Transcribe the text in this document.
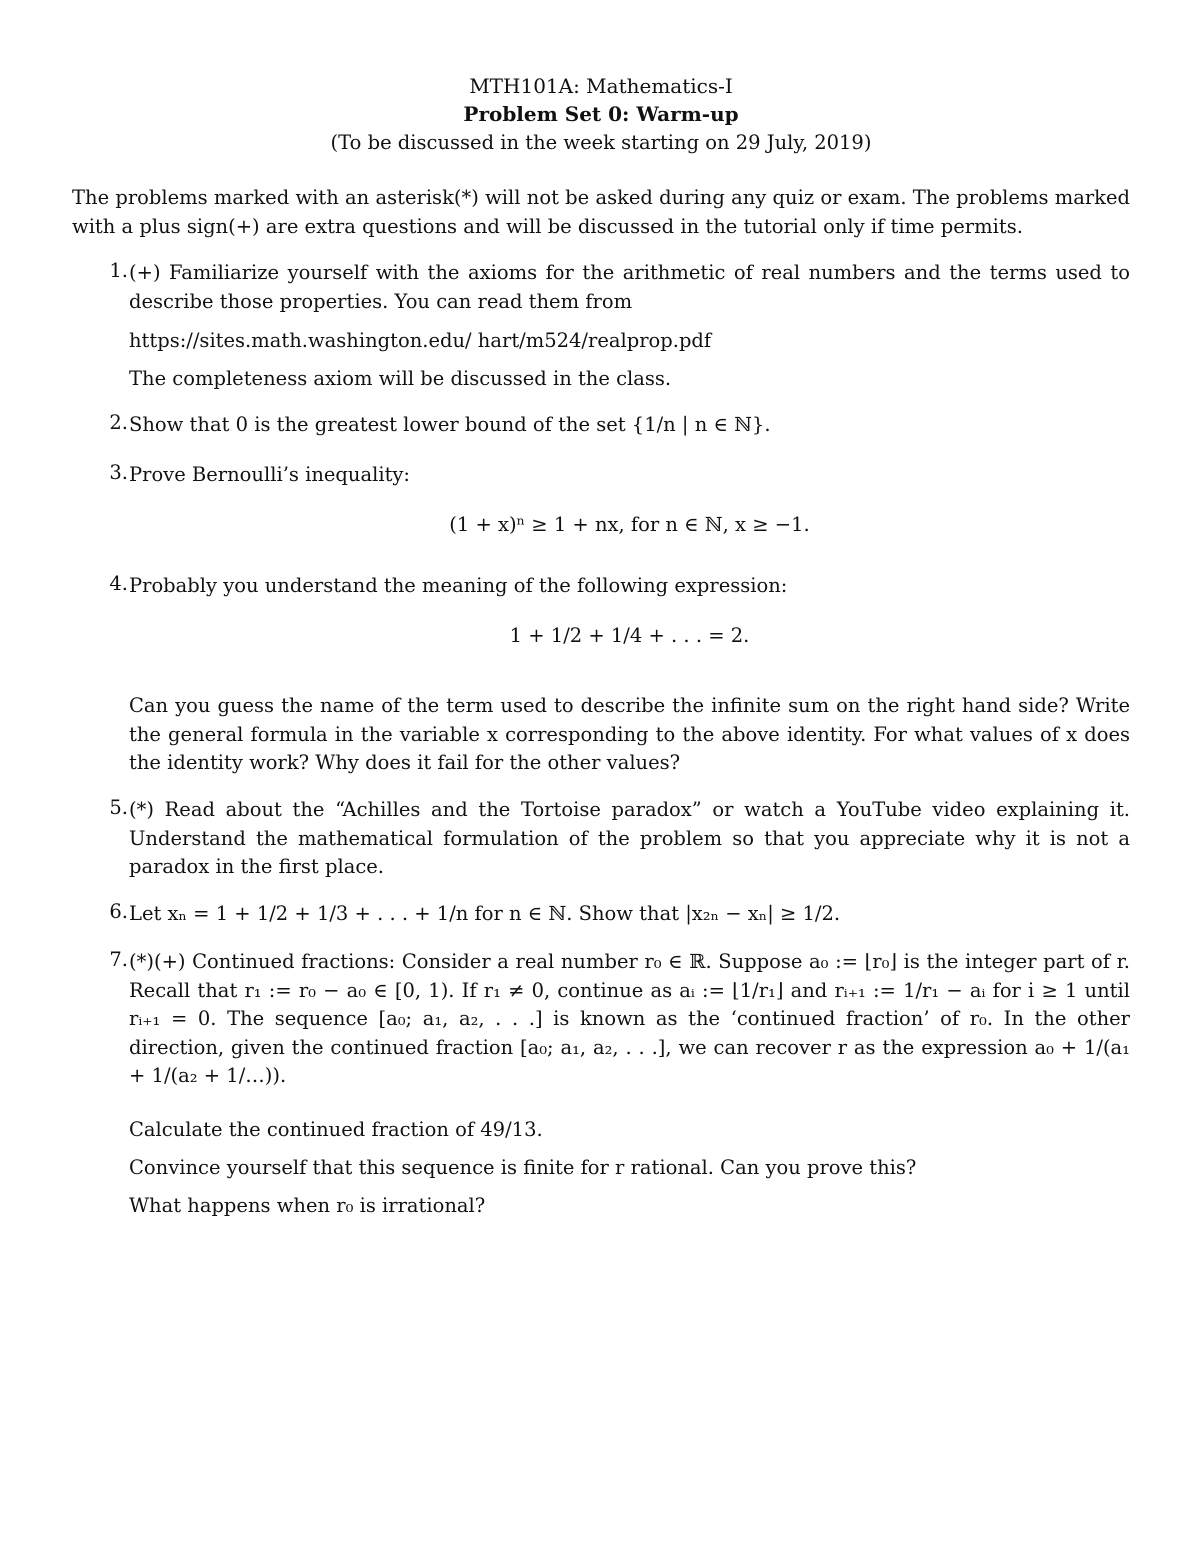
MTH101A: Mathematics-I
Problem Set 0: Warm-up
(To be discussed in the week starting on 29 July, 2019)
The problems marked with an asterisk(*) will not be asked during any quiz or exam. The problems marked with a plus sign(+) are extra questions and will be discussed in the tutorial only if time permits.
1. (+) Familiarize yourself with the axioms for the arithmetic of real numbers and the terms used to describe those properties. You can read them from
https://sites.math.washington.edu/ hart/m524/realprop.pdf
The completeness axiom will be discussed in the class.
2. Show that 0 is the greatest lower bound of the set {1/n | n ∈ ℕ}.
3. Prove Bernoulli’s inequality:
(1 + x)ⁿ ≥ 1 + nx, for n ∈ ℕ, x ≥ −1.
4. Probably you understand the meaning of the following expression:
1 + 1/2 + 1/4 + . . . = 2.
Can you guess the name of the term used to describe the infinite sum on the right hand side? Write the general formula in the variable x corresponding to the above identity. For what values of x does the identity work? Why does it fail for the other values?
5. (*) Read about the “Achilles and the Tortoise paradox” or watch a YouTube video explaining it. Understand the mathematical formulation of the problem so that you appreciate why it is not a paradox in the first place.
6. Let xₙ = 1 + 1/2 + 1/3 + . . . + 1/n for n ∈ ℕ. Show that |x₂ₙ − xₙ| ≥ 1/2.
7. (*)(+) Continued fractions: Consider a real number r₀ ∈ ℝ. Suppose a₀ := ⌊r₀⌋ is the integer part of r. Recall that r₁ := r₀ − a₀ ∈ [0, 1). If r₁ ≠ 0, continue as aᵢ := ⌊1/r₁⌋ and rᵢ₊₁ := 1/r₁ − aᵢ for i ≥ 1 until rᵢ₊₁ = 0. The sequence [a₀; a₁, a₂, . . .] is known as the ‘continued fraction’ of r₀. In the other direction, given the continued fraction [a₀; a₁, a₂, . . .], we can recover r as the expression a₀ + 1/(a₁ + 1/(a₂ + 1/…)).
Calculate the continued fraction of 49/13.
Convince yourself that this sequence is finite for r rational. Can you prove this?
What happens when r₀ is irrational?
